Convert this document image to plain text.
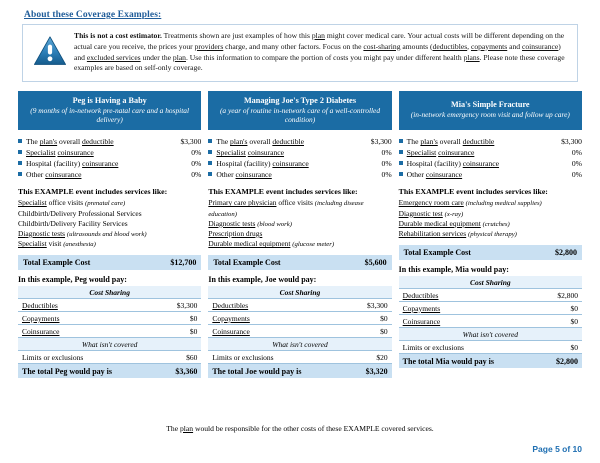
About these Coverage Examples:
This is not a cost estimator. Treatments shown are just examples of how this plan might cover medical care. Your actual costs will be different depending on the actual care you receive, the prices your providers charge, and many other factors. Focus on the cost-sharing amounts (deductibles, copayments and coinsurance) and excluded services under the plan. Use this information to compare the portion of costs you might pay under different health plans. Please note these coverage examples are based on self-only coverage.
Peg is Having a Baby
(9 months of in-network pre-natal care and a hospital delivery)
The plan's overall deductible	$3,300
Specialist coinsurance	0%
Hospital (facility) coinsurance	0%
Other coinsurance	0%
This EXAMPLE event includes services like:
Specialist office visits (prenatal care)
Childbirth/Delivery Professional Services
Childbirth/Delivery Facility Services
Diagnostic tests (ultrasounds and blood work)
Specialist visit (anesthesia)
Total Example Cost	$12,700
In this example, Peg would pay:
Cost Sharing	
Deductibles	$3,300
Copayments	$0
Coinsurance	$0
What isn't covered	
Limits or exclusions	$60
The total Peg would pay is	$3,360
Managing Joe's Type 2 Diabetes
(a year of routine in-network care of a well-controlled condition)
The plan's overall deductible	$3,300
Specialist coinsurance	0%
Hospital (facility) coinsurance	0%
Other coinsurance	0%
This EXAMPLE event includes services like:
Primary care physician office visits (including disease education)
Diagnostic tests (blood work)
Prescription drugs
Durable medical equipment (glucose meter)
Total Example Cost	$5,600
In this example, Joe would pay:
Cost Sharing	
Deductibles	$3,300
Copayments	$0
Coinsurance	$0
What isn't covered	
Limits or exclusions	$20
The total Joe would pay is	$3,320
Mia's Simple Fracture
(in-network emergency room visit and follow up care)
The plan's overall deductible	$3,300
Specialist coinsurance	0%
Hospital (facility) coinsurance	0%
Other coinsurance	0%
This EXAMPLE event includes services like:
Emergency room care (including medical supplies)
Diagnostic test (x-ray)
Durable medical equipment (crutches)
Rehabilitation services (physical therapy)
Total Example Cost	$2,800
In this example, Mia would pay:
Cost Sharing	
Deductibles	$2,800
Copayments	$0
Coinsurance	$0
What isn't covered	
Limits or exclusions	$0
The total Mia would pay is	$2,800
The plan would be responsible for the other costs of these EXAMPLE covered services.
Page 5 of 10
